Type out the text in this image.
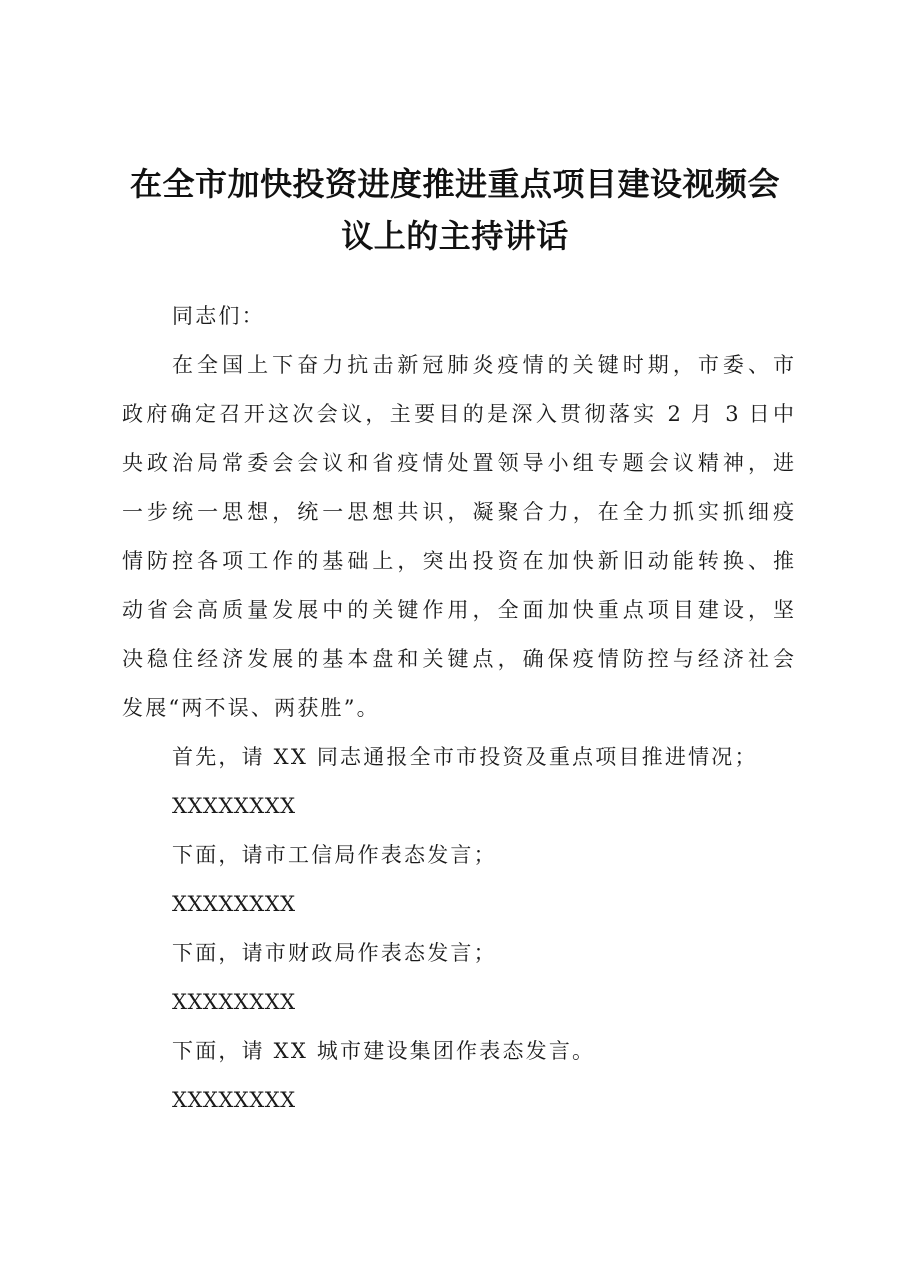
在全市加快投资进度推进重点项目建设视频会
议上的主持讲话
同志们：
在全国上下奋力抗击新冠肺炎疫情的关键时期，市委、市
政府确定召开这次会议，主要目的是深入贯彻落实 2 月 3 日中
央政治局常委会会议和省疫情处置领导小组专题会议精神，进
一步统一思想，统一思想共识，凝聚合力，在全力抓实抓细疫
情防控各项工作的基础上，突出投资在加快新旧动能转换、推
动省会高质量发展中的关键作用，全面加快重点项目建设，坚
决稳住经济发展的基本盘和关键点，确保疫情防控与经济社会
发展“两不误、两获胜”。
首先，请 XX 同志通报全市市投资及重点项目推进情况；
XXXXXXXX
下面，请市工信局作表态发言；
XXXXXXXX
下面，请市财政局作表态发言；
XXXXXXXX
下面，请 XX 城市建设集团作表态发言。
XXXXXXXX
